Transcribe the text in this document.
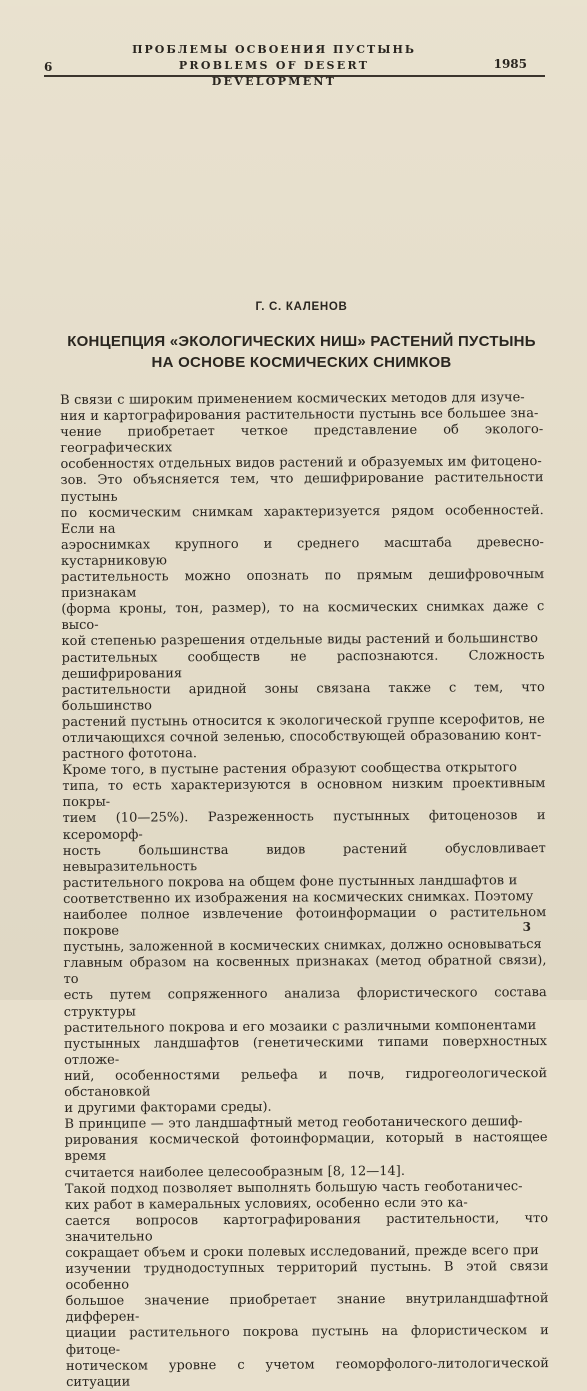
6
ПРОБЛЕМЫ ОСВОЕНИЯ ПУСТЫНЬ
PROBLEMS OF DESERT DEVELOPMENT
1985
Г. С. КАЛЕНОВ
КОНЦЕПЦИЯ «ЭКОЛОГИЧЕСКИХ НИШ» РАСТЕНИЙ ПУСТЫНЬ
НА ОСНОВЕ КОСМИЧЕСКИХ СНИМКОВ

В связи с широким применением космических методов для изуче-
ния и картографирования растительности пустынь все большее зна-
чение приобретает четкое представление об эколого-географических
особенностях отдельных видов растений и образуемых им фитоцено-
зов. Это объясняется тем, что дешифрирование растительности пустынь
по космическим снимкам характеризуется рядом особенностей. Если на
аэроснимках крупного и среднего масштаба древесно-кустарниковую
растительность можно опознать по прямым дешифровочным признакам
(форма кроны, тон, размер), то на космических снимках даже с высо-
кой степенью разрешения отдельные виды растений и большинство
растительных сообществ не распознаются. Сложность дешифрирования
растительности аридной зоны связана также с тем, что большинство
растений пустынь относится к экологической группе ксерофитов, не
отличающихся сочной зеленью, способствующей образованию конт-
растного фототона.

Кроме того, в пустыне растения образуют сообщества открытого
типа, то есть характеризуются в основном низким проективным покры-
тием (10—25%). Разреженность пустынных фитоценозов и ксероморф-
ность большинства видов растений обусловливает невыразительность
растительного покрова на общем фоне пустынных ландшафтов и
соответственно их изображения на космических снимках. Поэтому
наиболее полное извлечение фотоинформации о растительном покрове
пустынь, заложенной в космических снимках, должно основываться
главным образом на косвенных признаках (метод обратной связи), то
есть путем сопряженного анализа флористического состава структуры
растительного покрова и его мозаики с различными компонентами
пустынных ландшафтов (генетическими типами поверхностных отложе-
ний, особенностями рельефа и почв, гидрогеологической обстановкой
и другими факторами среды).

В принципе — это ландшафтный метод геоботанического дешиф-
рирования космической фотоинформации, который в настоящее время
считается наиболее целесообразным [8, 12—14].

Такой подход позволяет выполнять большую часть геоботаничес-
ких работ в камеральных условиях, особенно если это ка-
сается вопросов картографирования растительности, что значительно
сокращает объем и сроки полевых исследований, прежде всего при
изучении труднодоступных территорий пустынь. В этой связи особенно
большое значение приобретает знание внутриландшафтной дифферен-
циации растительного покрова пустынь на флористическом и фитоце-
нотическом уровне с учетом геоморфолого-литологической ситуации

3
